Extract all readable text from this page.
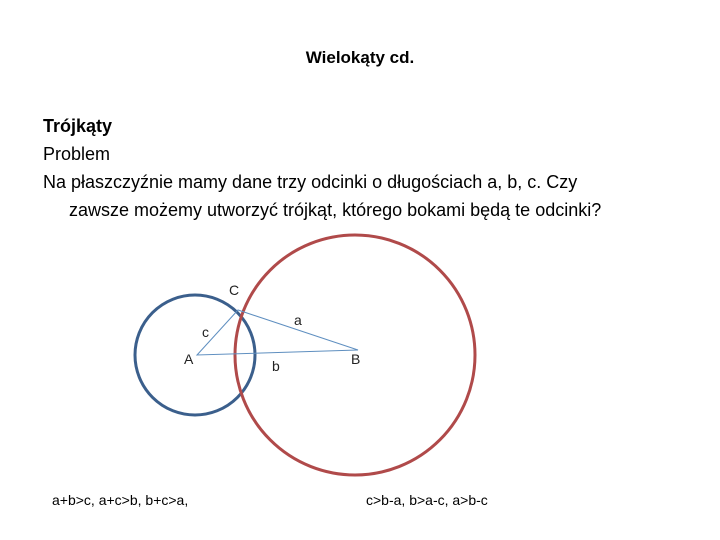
Wielokąty cd.
Trójkąty
Problem
Na płaszczyźnie mamy dane trzy odcinki o długościach a, b, c. Czy
zawsze możemy utworzyć trójkąt, którego bokami będą te odcinki?
C
a
c
A	b	B
a+b>c, a+c>b, b+c>a,	c>b-a, b>a-c, a>b-c
